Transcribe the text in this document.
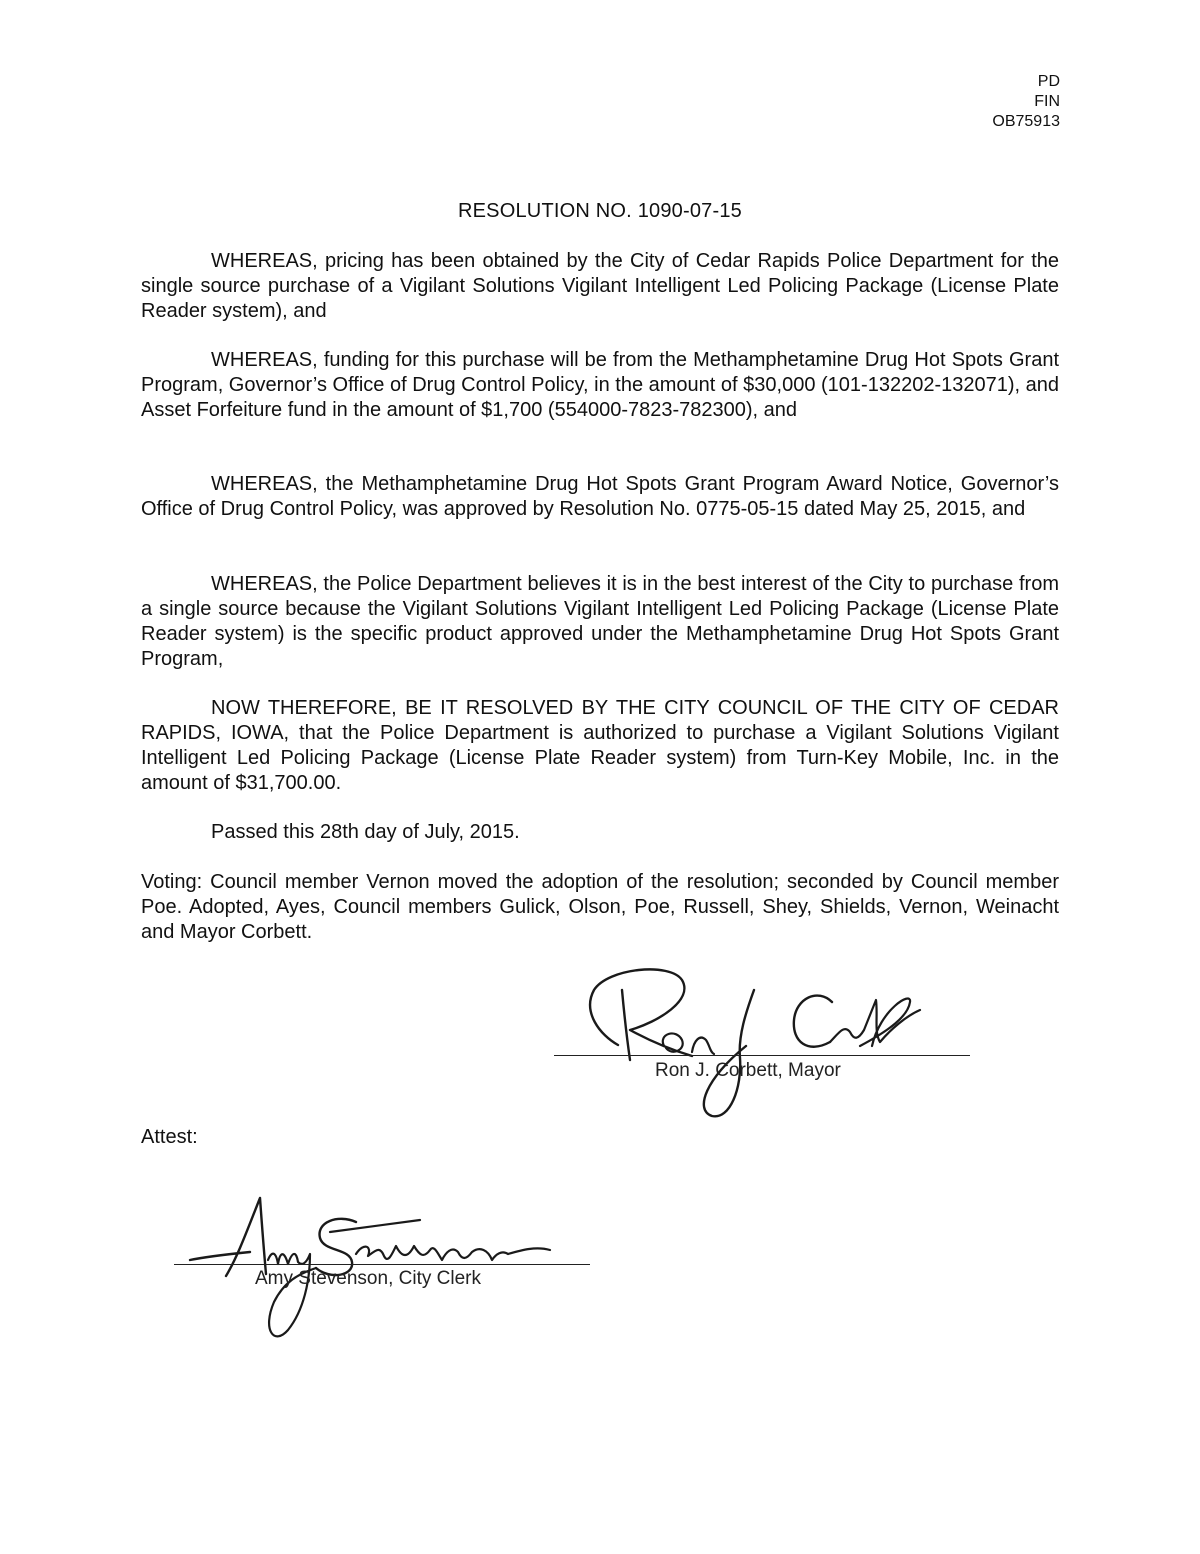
PD
FIN
OB75913
RESOLUTION NO. 1090-07-15
WHEREAS, pricing has been obtained by the City of Cedar Rapids Police Department for the single source purchase of a Vigilant Solutions Vigilant Intelligent Led Policing Package (License Plate Reader system), and
WHEREAS, funding for this purchase will be from the Methamphetamine Drug Hot Spots Grant Program, Governor’s Office of Drug Control Policy, in the amount of $30,000 (101-132202-132071), and Asset Forfeiture fund in the amount of $1,700 (554000-7823-782300), and
WHEREAS, the Methamphetamine Drug Hot Spots Grant Program Award Notice, Governor’s Office of Drug Control Policy, was approved by Resolution No. 0775-05-15 dated May 25, 2015, and
WHEREAS, the Police Department believes it is in the best interest of the City to purchase from a single source because the Vigilant Solutions Vigilant Intelligent Led Policing Package (License Plate Reader system) is the specific product approved under the Methamphetamine Drug Hot Spots Grant Program,
NOW THEREFORE, BE IT RESOLVED BY THE CITY COUNCIL OF THE CITY OF CEDAR RAPIDS, IOWA, that the Police Department is authorized to purchase a Vigilant Solutions Vigilant Intelligent Led Policing Package (License Plate Reader system) from Turn-Key Mobile, Inc. in the amount of $31,700.00.
Passed this 28th day of July, 2015.
Voting: Council member Vernon moved the adoption of the resolution; seconded by Council member Poe. Adopted, Ayes, Council members Gulick, Olson, Poe, Russell, Shey, Shields, Vernon, Weinacht and Mayor Corbett.
Ron J. Corbett, Mayor
Attest:
Amy Stevenson, City Clerk
